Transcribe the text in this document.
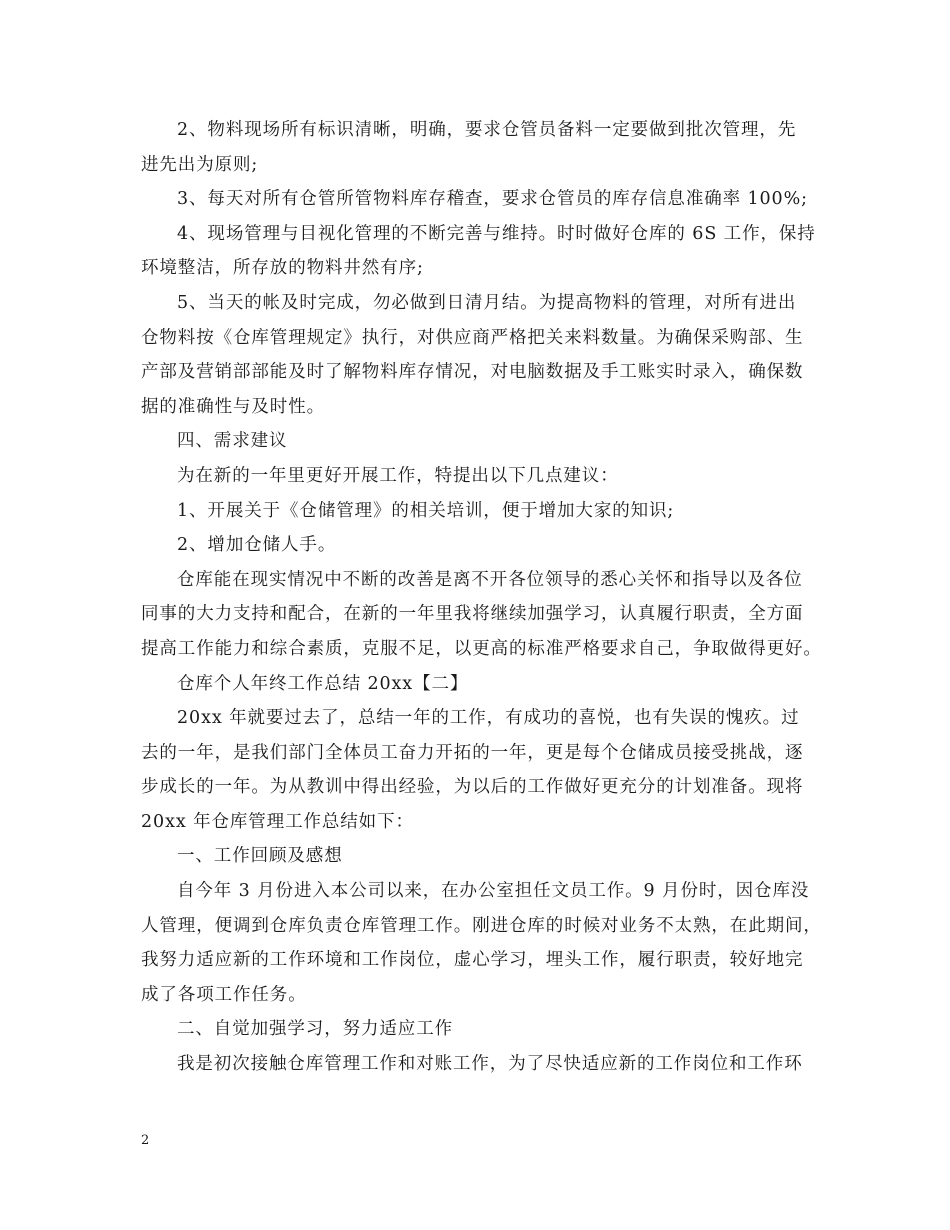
2、物料现场所有标识清晰，明确，要求仓管员备料一定要做到批次管理，先
进先出为原则;
3、每天对所有仓管所管物料库存稽查，要求仓管员的库存信息准确率 100%;
4、现场管理与目视化管理的不断完善与维持。时时做好仓库的 6S 工作，保持
环境整洁，所存放的物料井然有序;
5、当天的帐及时完成，勿必做到日清月结。为提高物料的管理，对所有进出
仓物料按《仓库管理规定》执行，对供应商严格把关来料数量。为确保采购部、生
产部及营销部部能及时了解物料库存情况，对电脑数据及手工账实时录入，确保数
据的准确性与及时性。
四、需求建议
为在新的一年里更好开展工作，特提出以下几点建议：
1、开展关于《仓储管理》的相关培训，便于增加大家的知识;
2、增加仓储人手。
仓库能在现实情况中不断的改善是离不开各位领导的悉心关怀和指导以及各位
同事的大力支持和配合，在新的一年里我将继续加强学习，认真履行职责，全方面
提高工作能力和综合素质，克服不足，以更高的标准严格要求自己，争取做得更好。
仓库个人年终工作总结 20xx【二】
20xx 年就要过去了，总结一年的工作，有成功的喜悦，也有失误的愧疚。过
去的一年，是我们部门全体员工奋力开拓的一年，更是每个仓储成员接受挑战，逐
步成长的一年。为从教训中得出经验，为以后的工作做好更充分的计划准备。现将
20xx 年仓库管理工作总结如下：
一、工作回顾及感想
自今年 3 月份进入本公司以来，在办公室担任文员工作。9 月份时，因仓库没
人管理，便调到仓库负责仓库管理工作。刚进仓库的时候对业务不太熟，在此期间，
我努力适应新的工作环境和工作岗位，虚心学习，埋头工作，履行职责，较好地完
成了各项工作任务。
二、自觉加强学习，努力适应工作
我是初次接触仓库管理工作和对账工作，为了尽快适应新的工作岗位和工作环
2
